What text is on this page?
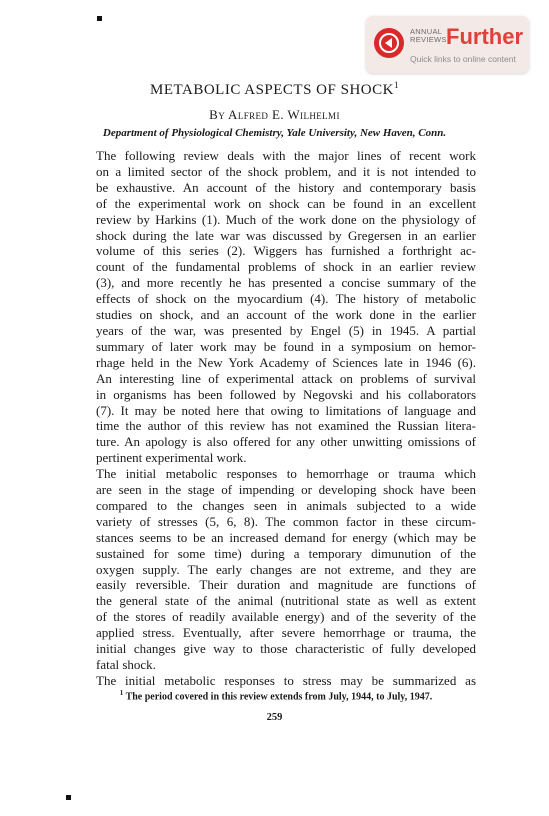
ANNUAL REVIEWS Further
Quick links to online content
METABOLIC ASPECTS OF SHOCK$^1$
By Alfred E. Wilhelmi
Department of Physiological Chemistry, Yale University, New Haven, Conn.

The following review deals with the major lines of recent work
on a limited sector of the shock problem, and it is not intended to
be exhaustive. An account of the history and contemporary basis
of the experimental work on shock can be found in an excellent
review by Harkins (1). Much of the work done on the physiology of
shock during the late war was discussed by Gregersen in an earlier
volume of this series (2). Wiggers has furnished a forthright ac-
count of the fundamental problems of shock in an earlier review
(3), and more recently he has presented a concise summary of the
effects of shock on the myocardium (4). The history of metabolic
studies on shock, and an account of the work done in the earlier
years of the war, was presented by Engel (5) in 1945. A partial
summary of later work may be found in a symposium on hemor-
rhage held in the New York Academy of Sciences late in 1946 (6).
An interesting line of experimental attack on problems of survival
in organisms has been followed by Negovski and his collaborators
(7). It may be noted here that owing to limitations of language and
time the author of this review has not examined the Russian litera-
ture. An apology is also offered for any other unwitting omissions of
pertinent experimental work.

The initial metabolic responses to hemorrhage or trauma which
are seen in the stage of impending or developing shock have been
compared to the changes seen in animals subjected to a wide
variety of stresses (5, 6, 8). The common factor in these circum-
stances seems to be an increased demand for energy (which may be
sustained for some time) during a temporary dimunution of the
oxygen supply. The early changes are not extreme, and they are
easily reversible. Their duration and magnitude are functions of
the general state of the animal (nutritional state as well as extent
of the stores of readily available energy) and of the severity of the
applied stress. Eventually, after severe hemorrhage or trauma, the
initial changes give way to those characteristic of fully developed
fatal shock.

The initial metabolic responses to stress may be summarized as

$^1$ The period covered in this review extends from July, 1944, to July, 1947.
259
